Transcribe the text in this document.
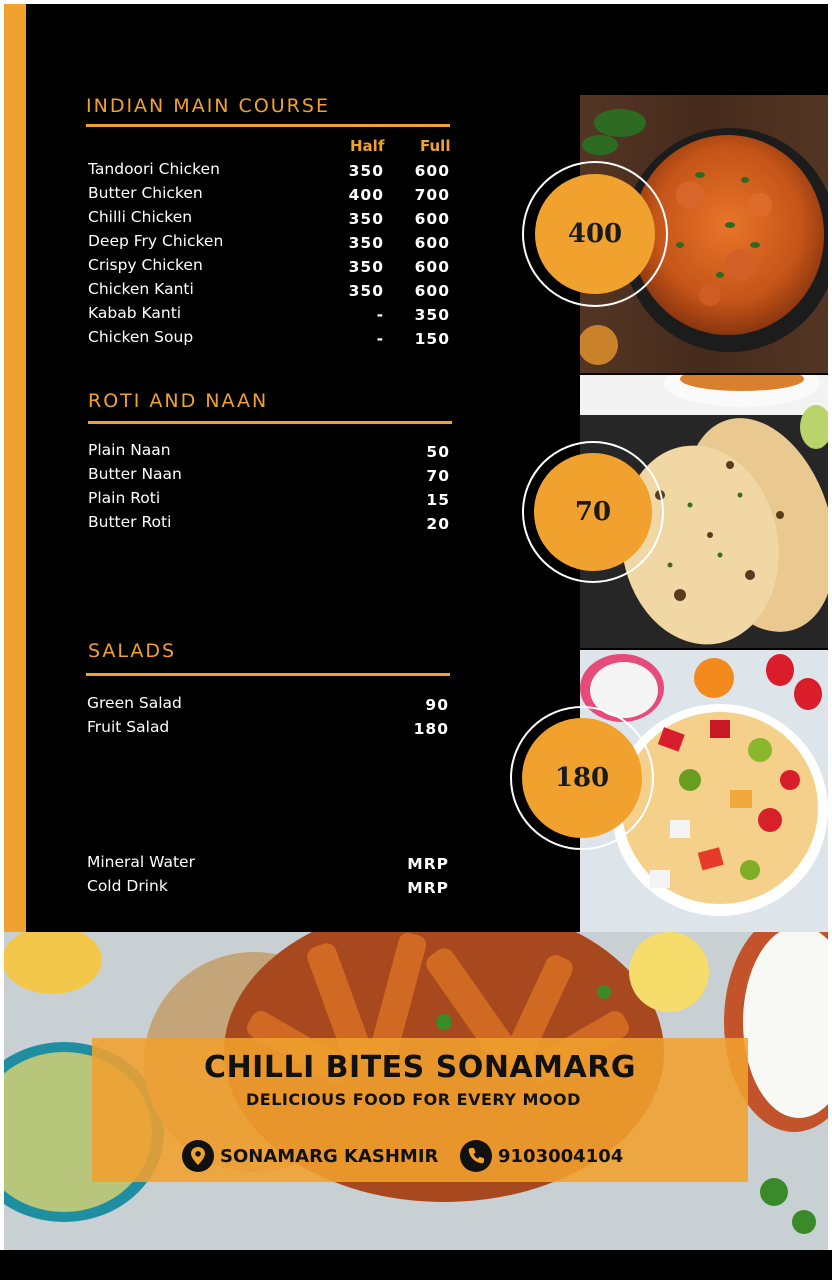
INDIAN MAIN COURSE
Half Full
Tandoori Chicken	350	600
Butter Chicken	400	700
Chilli Chicken	350	600
Deep Fry Chicken	350	600
Crispy Chicken	350	600
Chicken Kanti	350	600
Kabab Kanti	-	350
Chicken Soup	-	150
ROTI AND NAAN
Plain Naan	50
Butter Naan	70
Plain Roti	15
Butter Roti	20
SALADS
Green Salad	90
Fruit Salad	180
Mineral Water	MRP
Cold Drink	MRP
400
70
180
CHILLI BITES SONAMARG
DELICIOUS FOOD FOR EVERY MOOD
SONAMARG KASHMIR	9103004104
